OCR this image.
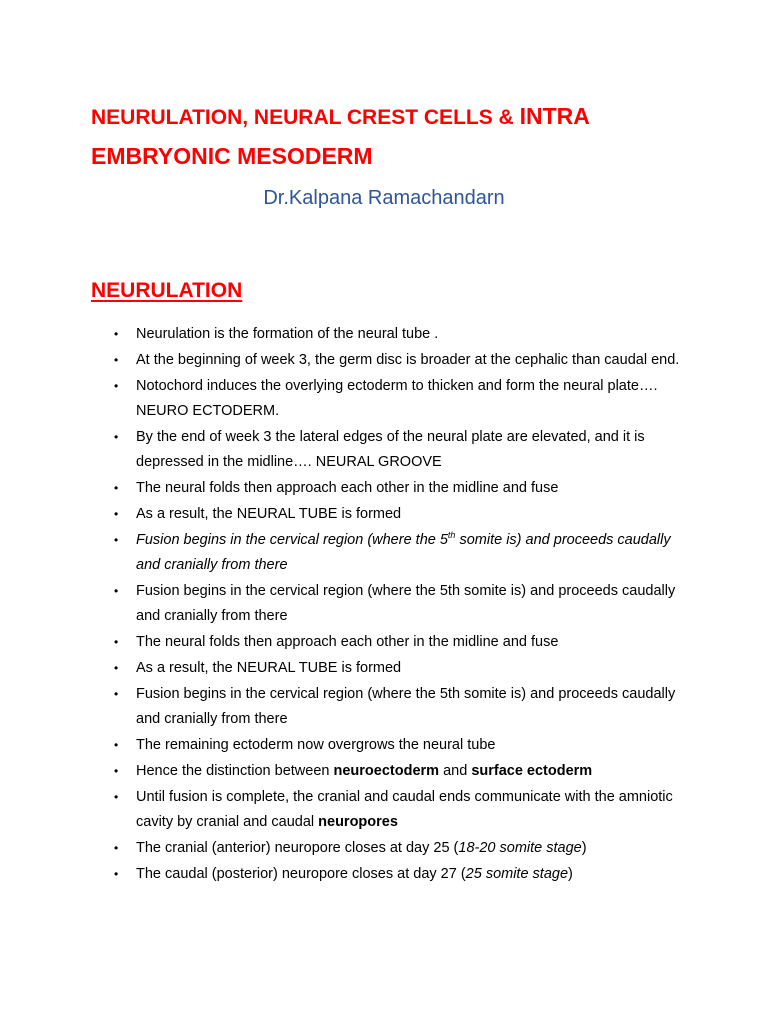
NEURULATION, NEURAL CREST CELLS & INTRA
EMBRYONIC MESODERM
Dr.Kalpana Ramachandarn
NEURULATION
• Neurulation is the formation of the neural tube .
• At the beginning of week 3, the germ disc is broader at the cephalic than caudal end.
• Notochord induces the overlying ectoderm to thicken and form the neural plate…. NEURO ECTODERM.
• By the end of week 3 the lateral edges of the neural plate are elevated, and it is depressed in the midline…. NEURAL GROOVE
• The neural folds then approach each other in the midline and fuse
• As a result, the NEURAL TUBE is formed
• Fusion begins in the cervical region (where the 5th somite is) and proceeds caudally and cranially from there
• Fusion begins in the cervical region (where the 5th somite is) and proceeds caudally and cranially from there
• The neural folds then approach each other in the midline and fuse
• As a result, the NEURAL TUBE is formed
• Fusion begins in the cervical region (where the 5th somite is) and proceeds caudally and cranially from there
• The remaining ectoderm now overgrows the neural tube
• Hence the distinction between neuroectoderm and surface ectoderm
• Until fusion is complete, the cranial and caudal ends communicate with the amniotic cavity by cranial and caudal neuropores
• The cranial (anterior) neuropore closes at day 25 (18-20 somite stage)
• The caudal (posterior) neuropore closes at day 27 (25 somite stage)
